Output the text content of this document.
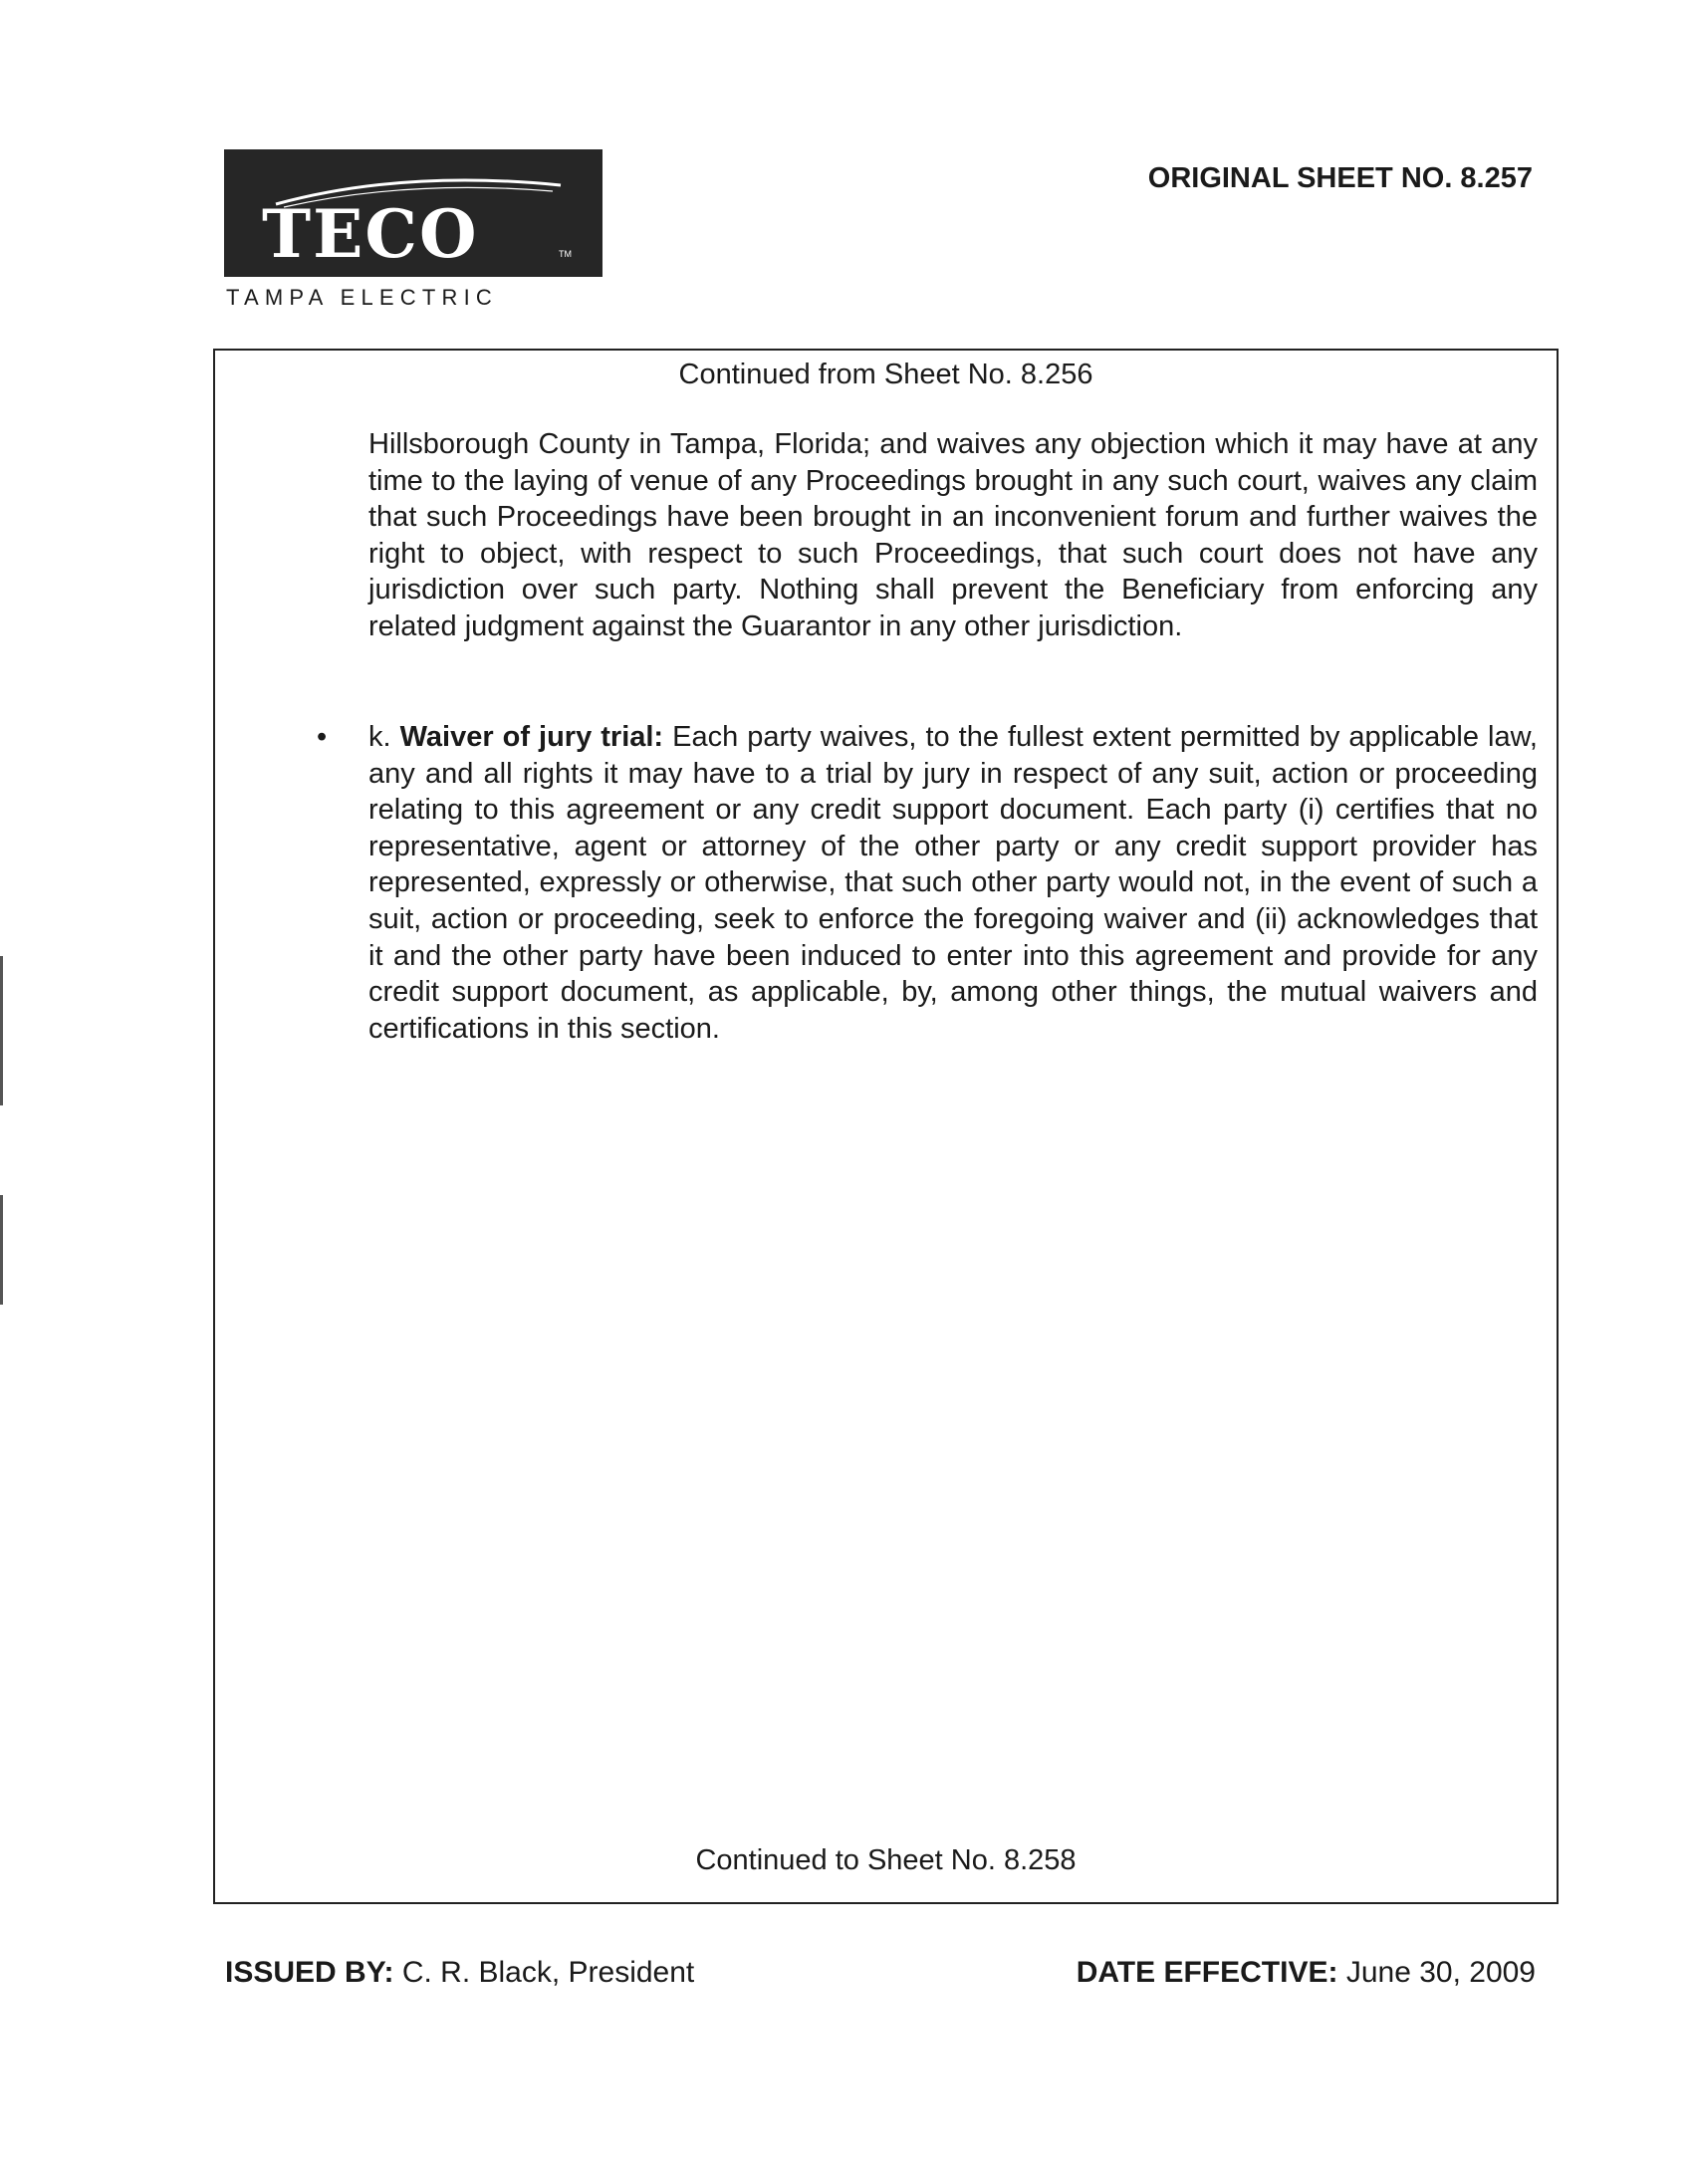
TECO	TM
TAMPA ELECTRIC
ORIGINAL SHEET NO. 8.257
Continued from Sheet No. 8.256
Hillsborough County in Tampa, Florida; and waives any objection which it may have at any time to the laying of venue of any Proceedings brought in any such court, waives any claim that such Proceedings have been brought in an inconvenient forum and further waives the right to object, with respect to such Proceedings, that such court does not have any jurisdiction over such party. Nothing shall prevent the Beneficiary from enforcing any related judgment against the Guarantor in any other jurisdiction.
• k. Waiver of jury trial: Each party waives, to the fullest extent permitted by applicable law, any and all rights it may have to a trial by jury in respect of any suit, action or proceeding relating to this agreement or any credit support document. Each party (i) certifies that no representative, agent or attorney of the other party or any credit support provider has represented, expressly or otherwise, that such other party would not, in the event of such a suit, action or proceeding, seek to enforce the foregoing waiver and (ii) acknowledges that it and the other party have been induced to enter into this agreement and provide for any credit support document, as applicable, by, among other things, the mutual waivers and certifications in this section.
Continued to Sheet No. 8.258
ISSUED BY: C. R. Black, President	DATE EFFECTIVE: June 30, 2009
